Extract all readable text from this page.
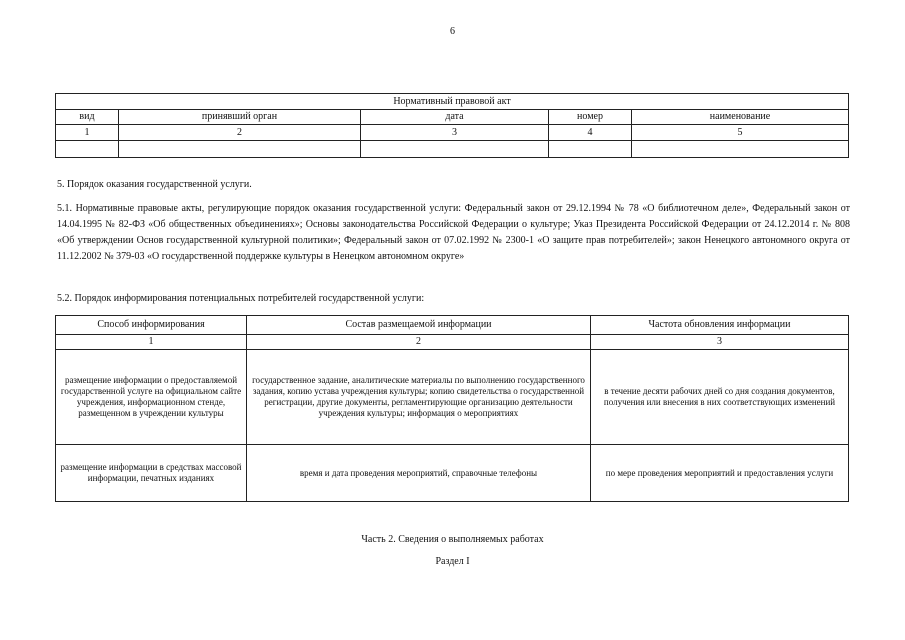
6
Нормативный правовой акт				
вид	принявший орган	дата	номер	наименование
1	2	3	4	5

5. Порядок оказания государственной услуги.
5.1. Нормативные правовые акты, регулирующие порядок оказания государственной услуги: Федеральный закон от 29.12.1994 № 78 «О библиотечном деле», Федеральный закон от 14.04.1995 № 82-ФЗ «Об общественных объединениях»; Основы законодательства Российской Федерации о культуре; Указ Президента Российской Федерации от 24.12.2014 г. № 808 «Об утверждении Основ государственной культурной политики»; Федеральный закон от 07.02.1992 № 2300-1 «О защите прав потребителей»; закон Ненецкого автономного округа от 11.12.2002 № 379-03 «О государственной поддержке культуры в Ненецком автономном округе»
5.2. Порядок информирования потенциальных потребителей государственной услуги:
Способ информирования	Состав размещаемой информации	Частота обновления информации
1	2	3
размещение информации о предоставляемой государственной услуге на официальном сайте учреждения, информационном стенде, размещенном в учреждении культуры	государственное задание, аналитические материалы по выполнению государственного задания, копию устава учреждения культуры; копию свидетельства о государственной регистрации, другие документы, регламентирующие организацию деятельности учреждения культуры; информация о мероприятиях	в течение десяти рабочих дней со дня создания документов, получения или внесения в них соответствующих изменений
размещение информации в средствах массовой информации, печатных изданиях	время и дата проведения мероприятий, справочные телефоны	по мере проведения мероприятий и предоставления услуги
Часть 2. Сведения о выполняемых работах
Раздел I
